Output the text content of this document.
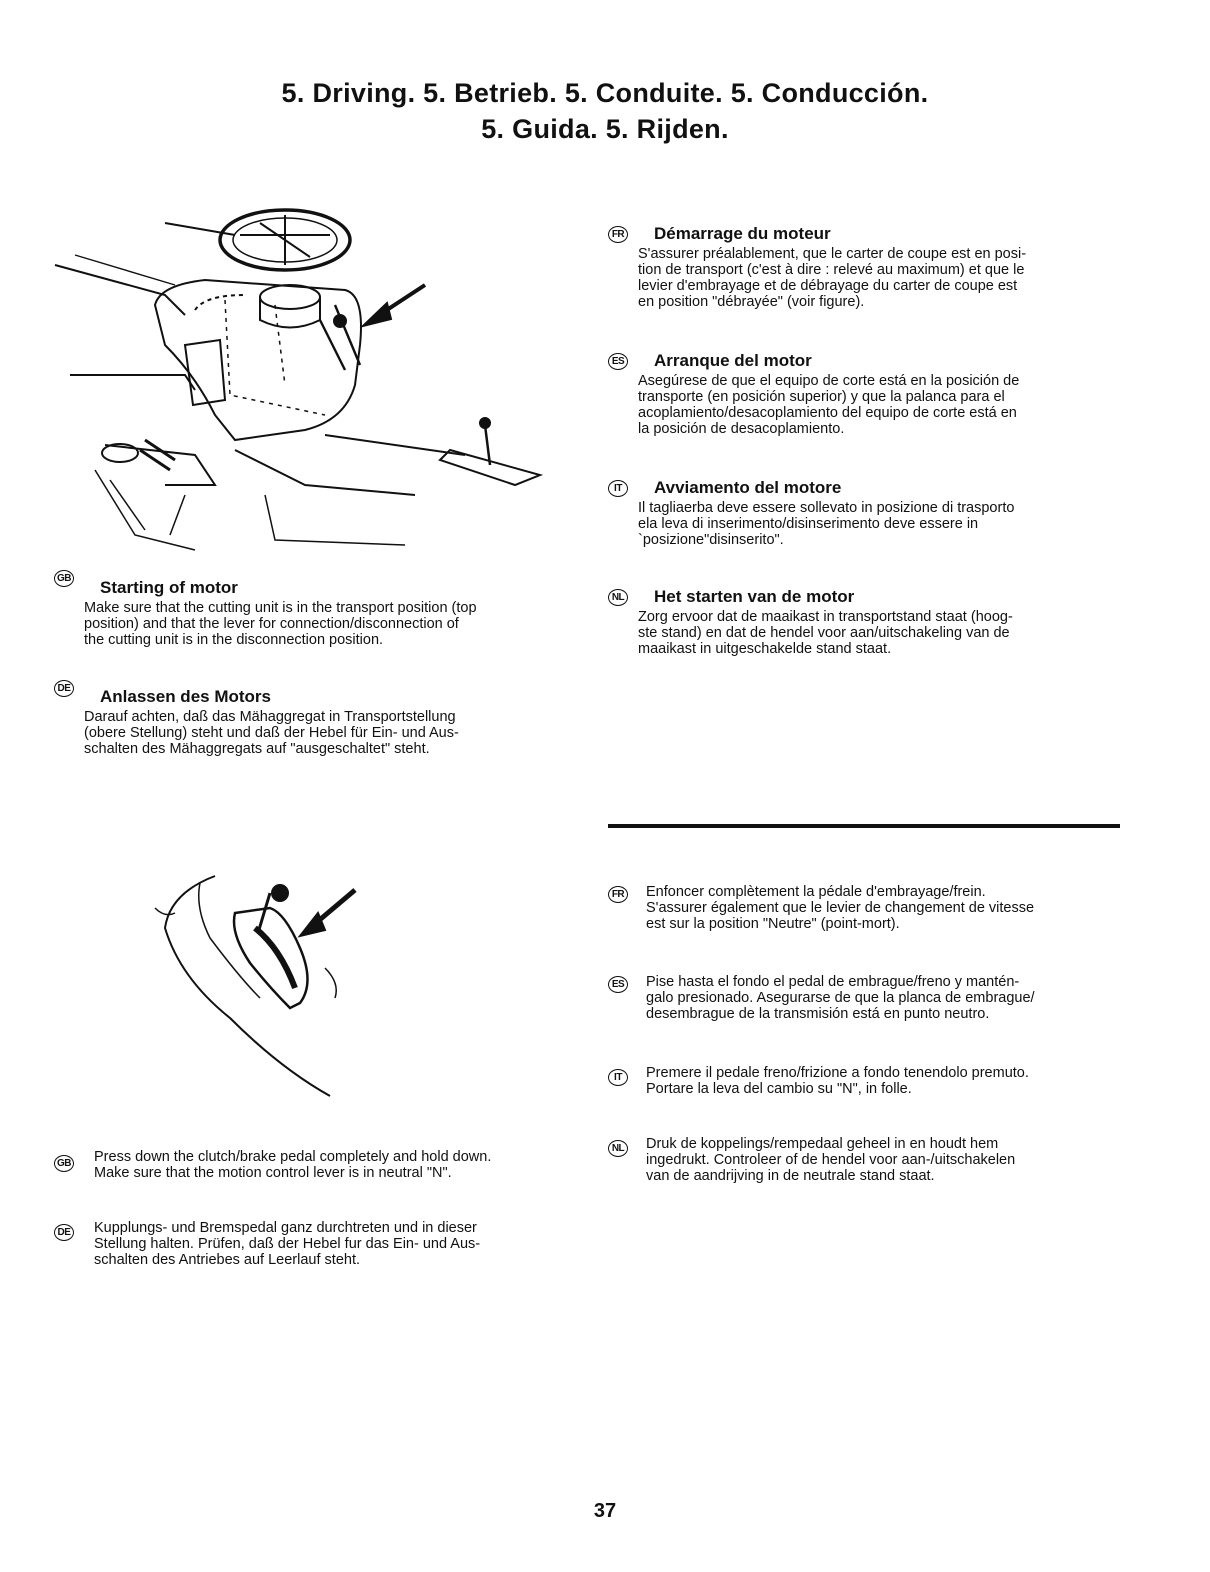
5. Driving. 5. Betrieb. 5. Conduite. 5. Conducción.
5. Guida. 5. Rijden.
GB Starting of motor
Make sure that the cutting unit is in the transport position (top
position) and that the lever for connection/disconnection of
the cutting unit is in the disconnection position.
DE Anlassen des Motors
Darauf achten, daß das Mähaggregat in Transportstellung
(obere Stellung) steht und daß der Hebel für Ein- und Aus-
schalten des Mähaggregats auf "ausgeschaltet" steht.
FR Démarrage du moteur
S'assurer préalablement, que le carter de coupe est en posi-
tion de transport (c'est à dire : relevé au maximum) et que le
levier d'embrayage et de débrayage du carter de coupe est
en position "débrayée" (voir figure).
ES Arranque del motor
Asegúrese de que el equipo de corte está en la posición de
transporte (en posición superior) y que la palanca para el
acoplamiento/desacoplamiento del equipo de corte está en
la posición de desacoplamiento.
IT	Avviamento del motore
Il tagliaerba deve essere sollevato in posizione di trasporto
ela leva di inserimento/disinserimento deve essere in
`posizione"disinserito".
NL Het starten van de motor
Zorg ervoor dat de maaikast in transportstand staat (hoog-
ste stand) en dat de hendel voor aan/uitschakeling van de
maaikast in uitgeschakelde stand staat.
GB Press down the clutch/brake pedal completely and hold down.
Make sure that the motion control lever is in neutral "N".
DE Kupplungs- und Bremspedal ganz durchtreten und in dieser
Stellung halten. Prüfen, daß der Hebel fur das Ein- und Aus-
schalten des Antriebes auf Leerlauf steht.
FR Enfoncer complètement la pédale d'embrayage/frein.
S'assurer également que le levier de changement de vitesse
est sur la position "Neutre" (point-mort).
ES Pise hasta el fondo el pedal de embrague/freno y mantén-
galo presionado. Asegurarse de que la planca de embrague/
desembrague de la transmisión está en punto neutro.
IT	Premere il pedale freno/frizione a fondo tenendolo premuto.
Portare la leva del cambio su "N", in folle.
NL Druk de koppelings/rempedaal geheel in en houdt hem
ingedrukt. Controleer of de hendel voor aan-/uitschakelen
van de aandrijving in de neutrale stand staat.
37
